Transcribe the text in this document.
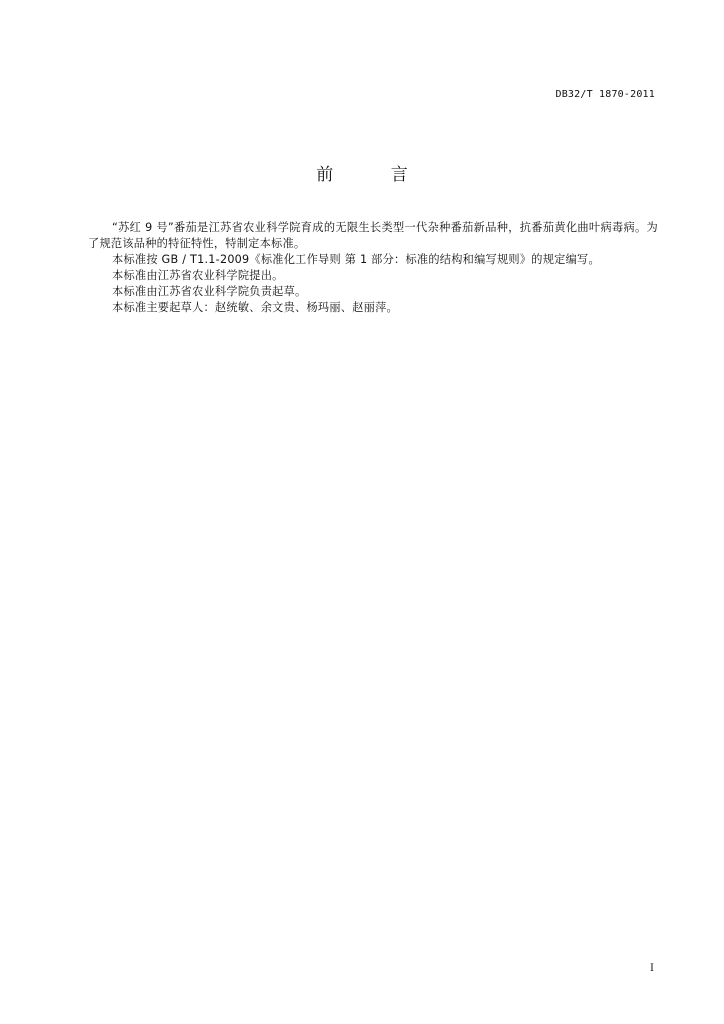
DB32/T 1870-2011
前 言

“苏红 9 号”番茄是江苏省农业科学院育成的无限生长类型一代杂种番茄新品种，抗番茄黄化曲叶病毒病。为了规范该品种的特征特性，特制定本标准。

本标准按 GB / T1.1-2009《标准化工作导则 第 1 部分：标准的结构和编写规则》的规定编写。

本标准由江苏省农业科学院提出。

本标准由江苏省农业科学院负责起草。

本标准主要起草人：赵统敏、余文贵、杨玛丽、赵丽萍。

I
